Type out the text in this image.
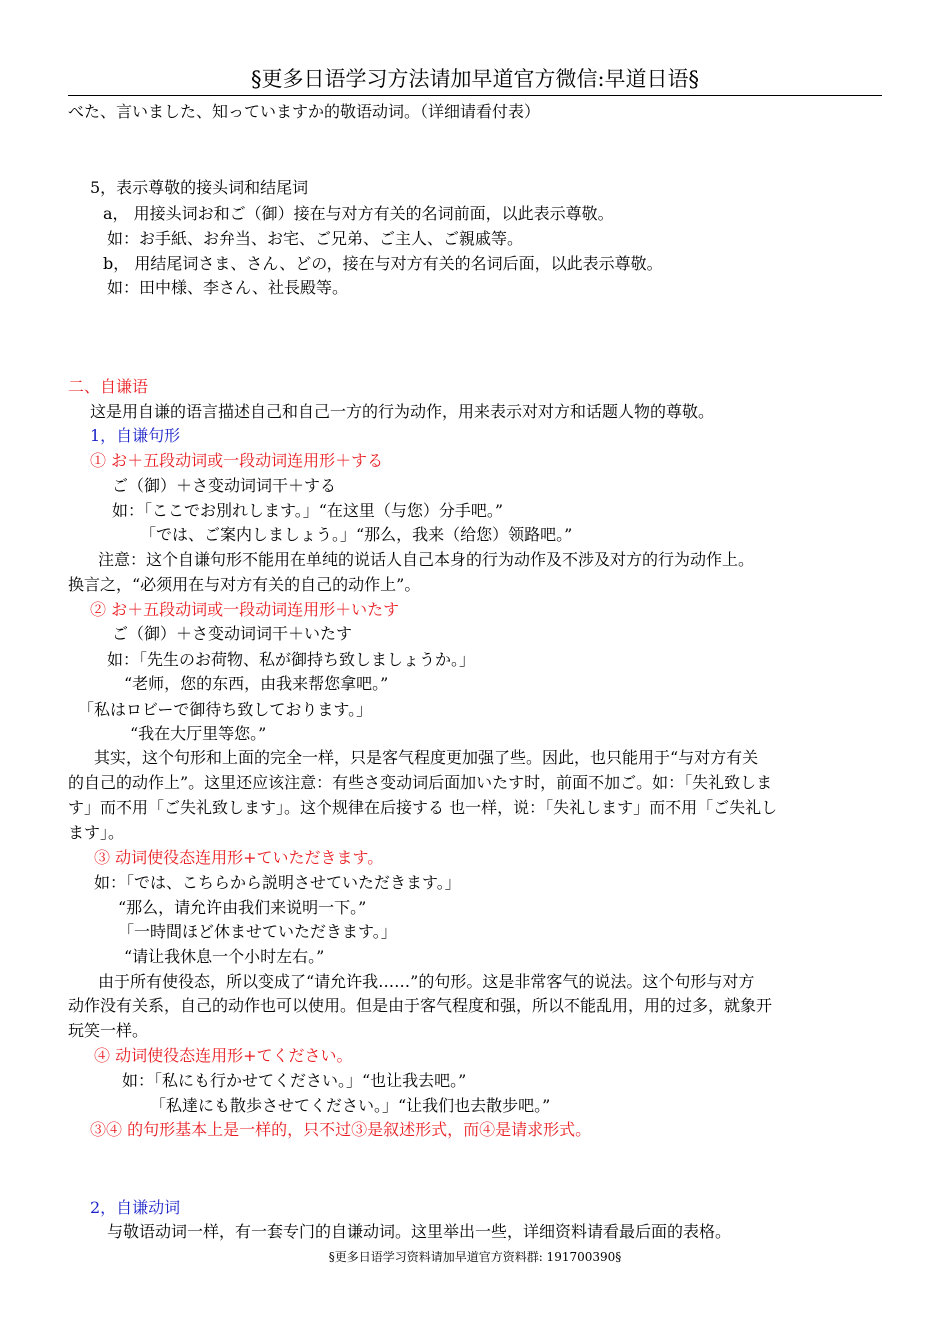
§更多日语学习方法请加早道官方微信:早道日语§
べた、言いました、知っていますか的敬语动词。（详细请看付表）
5，表示尊敬的接头词和结尾词
a， 用接头词お和ご（御）接在与对方有关的名词前面，以此表示尊敬。
如：お手紙、お弁当、お宅、ご兄弟、ご主人、ご親戚等。
b， 用结尾词さま、さん、どの，接在与对方有关的名词后面，以此表示尊敬。
如：田中様、李さん、社長殿等。
二、自谦语
这是用自谦的语言描述自己和自己一方的行为动作，用来表示对对方和话题人物的尊敬。
1，自谦句形
① お＋五段动词或一段动词连用形＋する
ご（御）＋さ变动词词干＋する
如：「ここでお別れします。」“在这里（与您）分手吧。”
「では、ご案内しましょう。」“那么，我来（给您）领路吧。”
注意：这个自谦句形不能用在单纯的说话人自己本身的行为动作及不涉及对方的行为动作上。
换言之，“必须用在与对方有关的自己的动作上”。
② お＋五段动词或一段动词连用形＋いたす
ご（御）＋さ变动词词干＋いたす
如：「先生のお荷物、私が御持ち致しましょうか。」
“老师，您的东西，由我来帮您拿吧。”
「私はロビーで御待ち致しております。」
“我在大厅里等您。”
其实，这个句形和上面的完全一样，只是客气程度更加强了些。因此，也只能用于“与对方有关
的自己的动作上”。这里还应该注意：有些さ变动词后面加いたす时，前面不加ご。如：「失礼致しま
す」而不用「ご失礼致します」。这个规律在后接する 也一样，说：「失礼します」而不用「ご失礼し
ます」。
③ 动词使役态连用形+ていただきます。
如：「では、こちらから説明させていただきます。」
“那么，请允许由我们来说明一下。”
「一時間ほど休ませていただきます。」
“请让我休息一个小时左右。”
由于所有使役态，所以变成了“请允许我……”的句形。这是非常客气的说法。这个句形与对方
动作没有关系，自己的动作也可以使用。但是由于客气程度和强，所以不能乱用，用的过多，就象开
玩笑一样。
④ 动词使役态连用形+てください。
如：「私にも行かせてください。」“也让我去吧。”
「私達にも散歩させてください。」“让我们也去散步吧。”
③④ 的句形基本上是一样的，只不过③是叙述形式，而④是请求形式。
2，自谦动词
与敬语动词一样，有一套专门的自谦动词。这里举出一些，详细资料请看最后面的表格。
§更多日语学习资料请加早道官方资料群: 191700390§
